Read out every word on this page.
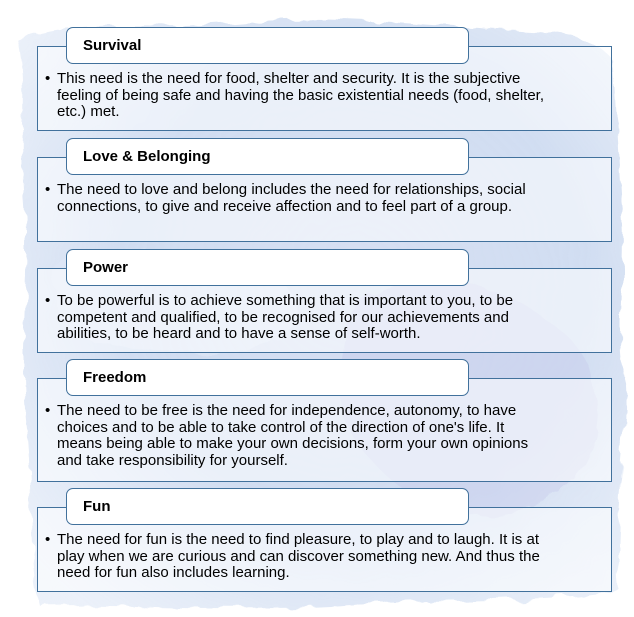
Survival
• This need is the need for food, shelter and security. It is the subjective feeling of being safe and having the basic existential needs (food, shelter, etc.) met.
Love & Belonging
• The need to love and belong includes the need for relationships, social connections, to give and receive affection and to feel part of a group.
Power
• To be powerful is to achieve something that is important to you, to be competent and qualified, to be recognised for our achievements and abilities, to be heard and to have a sense of self-worth.
Freedom
• The need to be free is the need for independence, autonomy, to have choices and to be able to take control of the direction of one's life. It means being able to make your own decisions, form your own opinions and take responsibility for yourself.
Fun
• The need for fun is the need to find pleasure, to play and to laugh. It is at play when we are curious and can discover something new. And thus the need for fun also includes learning.
